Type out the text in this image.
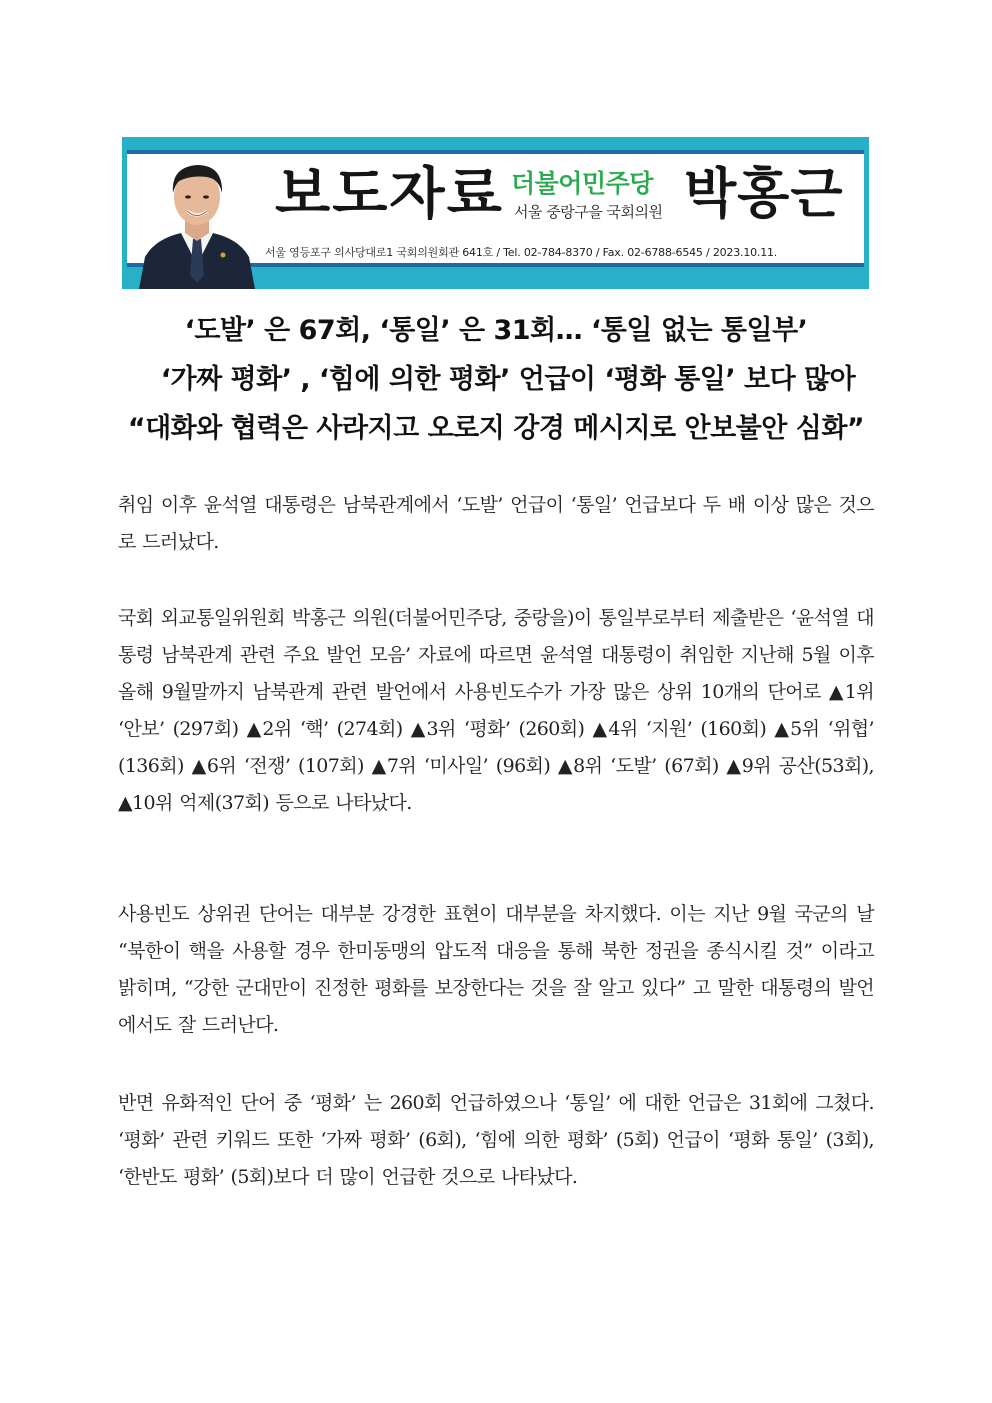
보도자료 더불어민주당
서울 중랑구을 국회의원 박홍근
서울 영등포구 의사당대로1 국회의원회관 641호 / Tel. 02-784-8370 / Fax. 02-6788-6545 / 2023.10.11.
‘도발’ 은 67회, ‘통일’ 은 31회… ‘통일 없는 통일부’
‘가짜 평화’ , ‘힘에 의한 평화’ 언급이 ‘평화 통일’ 보다 많아
“대화와 협력은 사라지고 오로지 강경 메시지로 안보불안 심화”

취임 이후 윤석열 대통령은 남북관계에서 ‘도발’ 언급이 ‘통일’ 언급보다 두 배 이상 많은 것으로 드러났다.

국회 외교통일위원회 박홍근 의원(더불어민주당, 중랑을)이 통일부로부터 제출받은 ‘윤석열 대통령 남북관계 관련 주요 발언 모음’ 자료에 따르면 윤석열 대통령이 취임한 지난해 5월 이후 올해 9월말까지 남북관계 관련 발언에서 사용빈도수가 가장 많은 상위 10개의 단어로 ▲1위 ‘안보’ (297회) ▲2위 ‘핵’ (274회) ▲3위 ‘평화’ (260회) ▲4위 ‘지원’ (160회) ▲5위 ‘위협’ (136회) ▲6위 ‘전쟁’ (107회) ▲7위 ‘미사일’ (96회) ▲8위 ‘도발’ (67회) ▲9위 공산(53회), ▲10위 억제(37회) 등으로 나타났다.

사용빈도 상위권 단어는 대부분 강경한 표현이 대부분을 차지했다. 이는 지난 9월 국군의 날 “북한이 핵을 사용할 경우 한미동맹의 압도적 대응을 통해 북한 정권을 종식시킬 것” 이라고 밝히며, “강한 군대만이 진정한 평화를 보장한다는 것을 잘 알고 있다” 고 말한 대통령의 발언에서도 잘 드러난다.

반면 유화적인 단어 중 ‘평화’ 는 260회 언급하였으나 ‘통일’ 에 대한 언급은 31회에 그쳤다. ‘평화’ 관련 키워드 또한 ‘가짜 평화’ (6회), ‘힘에 의한 평화’ (5회) 언급이 ‘평화 통일’ (3회), ‘한반도 평화’ (5회)보다 더 많이 언급한 것으로 나타났다.
